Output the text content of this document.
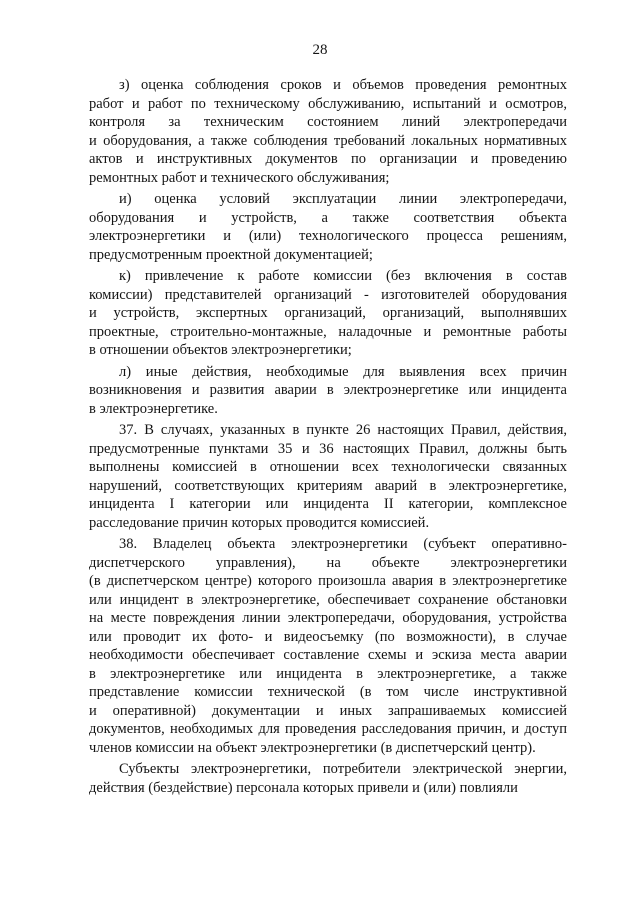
28

з) оценка соблюдения сроков и объемов проведения ремонтных
работ и работ по техническому обслуживанию, испытаний и осмотров,
контроля за техническим состоянием линий электропередачи
и оборудования, а также соблюдения требований локальных нормативных
актов и инструктивных документов по организации и проведению
ремонтных работ и технического обслуживания;

и) оценка условий эксплуатации линии электропередачи,
оборудования и устройств, а также соответствия объекта
электроэнергетики и (или) технологического процесса решениям,
предусмотренным проектной документацией;

к) привлечение к работе комиссии (без включения в состав
комиссии) представителей организаций - изготовителей оборудования
и устройств, экспертных организаций, организаций, выполнявших
проектные, строительно-монтажные, наладочные и ремонтные работы
в отношении объектов электроэнергетики;

л) иные действия, необходимые для выявления всех причин
возникновения и развития аварии в электроэнергетике или инцидента
в электроэнергетике.

37. В случаях, указанных в пункте 26 настоящих Правил, действия,
предусмотренные пунктами 35 и 36 настоящих Правил, должны быть
выполнены комиссией в отношении всех технологически связанных
нарушений, соответствующих критериям аварий в электроэнергетике,
инцидента I категории или инцидента II категории, комплексное
расследование причин которых проводится комиссией.

38. Владелец объекта электроэнергетики (субъект оперативно-
диспетчерского управления), на объекте электроэнергетики
(в диспетчерском центре) которого произошла авария в электроэнергетике
или инцидент в электроэнергетике, обеспечивает сохранение обстановки
на месте повреждения линии электропередачи, оборудования, устройства
или проводит их фото- и видеосъемку (по возможности), в случае
необходимости обеспечивает составление схемы и эскиза места аварии
в электроэнергетике или инцидента в электроэнергетике, а также
представление комиссии технической (в том числе инструктивной
и оперативной) документации и иных запрашиваемых комиссией
документов, необходимых для проведения расследования причин, и доступ
членов комиссии на объект электроэнергетики (в диспетчерский центр).

Субъекты электроэнергетики, потребители электрической энергии,
действия (бездействие) персонала которых привели и (или) повлияли
